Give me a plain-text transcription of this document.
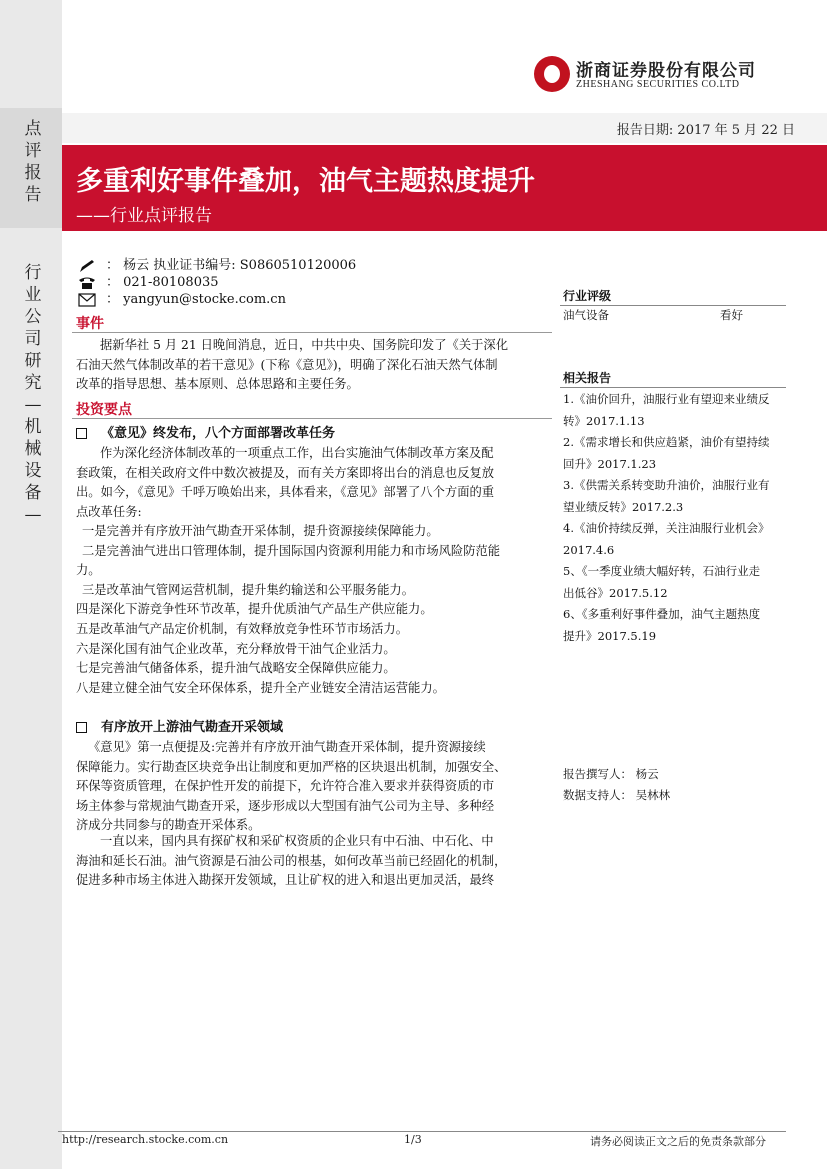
点评报告
行业公司研究—机械设备—
浙商证券股份有限公司
ZHESHANG SECURITIES CO.LTD
报告日期: 2017 年 5 月 22 日
多重利好事件叠加，油气主题热度提升
——行业点评报告
： 杨云 执业证书编号: S0860510120006
： 021-80108035
： yangyun@stocke.com.cn
事件
据新华社 5 月 21 日晚间消息，近日，中共中央、国务院印发了《关于深化
石油天然气体制改革的若干意见》(下称《意见》)，明确了深化石油天然气体制
改革的指导思想、基本原则、总体思路和主要任务。
投资要点
《意见》终发布，八个方面部署改革任务
作为深化经济体制改革的一项重点工作，出台实施油气体制改革方案及配
套政策，在相关政府文件中数次被提及，而有关方案即将出台的消息也反复放
出。如今，《意见》千呼万唤始出来，具体看来，《意见》部署了八个方面的重
点改革任务:
一是完善并有序放开油气勘查开采体制，提升资源接续保障能力。
二是完善油气进出口管理体制，提升国际国内资源利用能力和市场风险防范能
力。
三是改革油气管网运营机制，提升集约输送和公平服务能力。
四是深化下游竞争性环节改革，提升优质油气产品生产供应能力。
五是改革油气产品定价机制，有效释放竞争性环节市场活力。
六是深化国有油气企业改革，充分释放骨干油气企业活力。
七是完善油气储备体系，提升油气战略安全保障供应能力。
八是建立健全油气安全环保体系，提升全产业链安全清洁运营能力。
有序放开上游油气勘查开采领域
《意见》第一点便提及:完善并有序放开油气勘查开采体制，提升资源接续
保障能力。实行勘查区块竞争出让制度和更加严格的区块退出机制，加强安全、
环保等资质管理，在保护性开发的前提下，允许符合准入要求并获得资质的市
场主体参与常规油气勘查开采，逐步形成以大型国有油气公司为主导、多种经
济成分共同参与的勘查开采体系。
一直以来，国内具有探矿权和采矿权资质的企业只有中石油、中石化、中
海油和延长石油。油气资源是石油公司的根基，如何改革当前已经固化的机制，
促进多种市场主体进入勘探开发领域，且让矿权的进入和退出更加灵活，最终
行业评级
油气设备	看好
相关报告
1.《油价回升，油服行业有望迎来业绩反
转》2017.1.13
2.《需求增长和供应趋紧，油价有望持续
回升》2017.1.23
3.《供需关系转变助升油价，油服行业有
望业绩反转》2017.2.3
4.《油价持续反弹，关注油服行业机会》
2017.4.6
5、《一季度业绩大幅好转，石油行业走
出低谷》2017.5.12
6、《多重利好事件叠加，油气主题热度
提升》2017.5.19
报告撰写人： 杨云
数据支持人： 吴林林
http://research.stocke.com.cn	1/3	请务必阅读正文之后的免责条款部分
